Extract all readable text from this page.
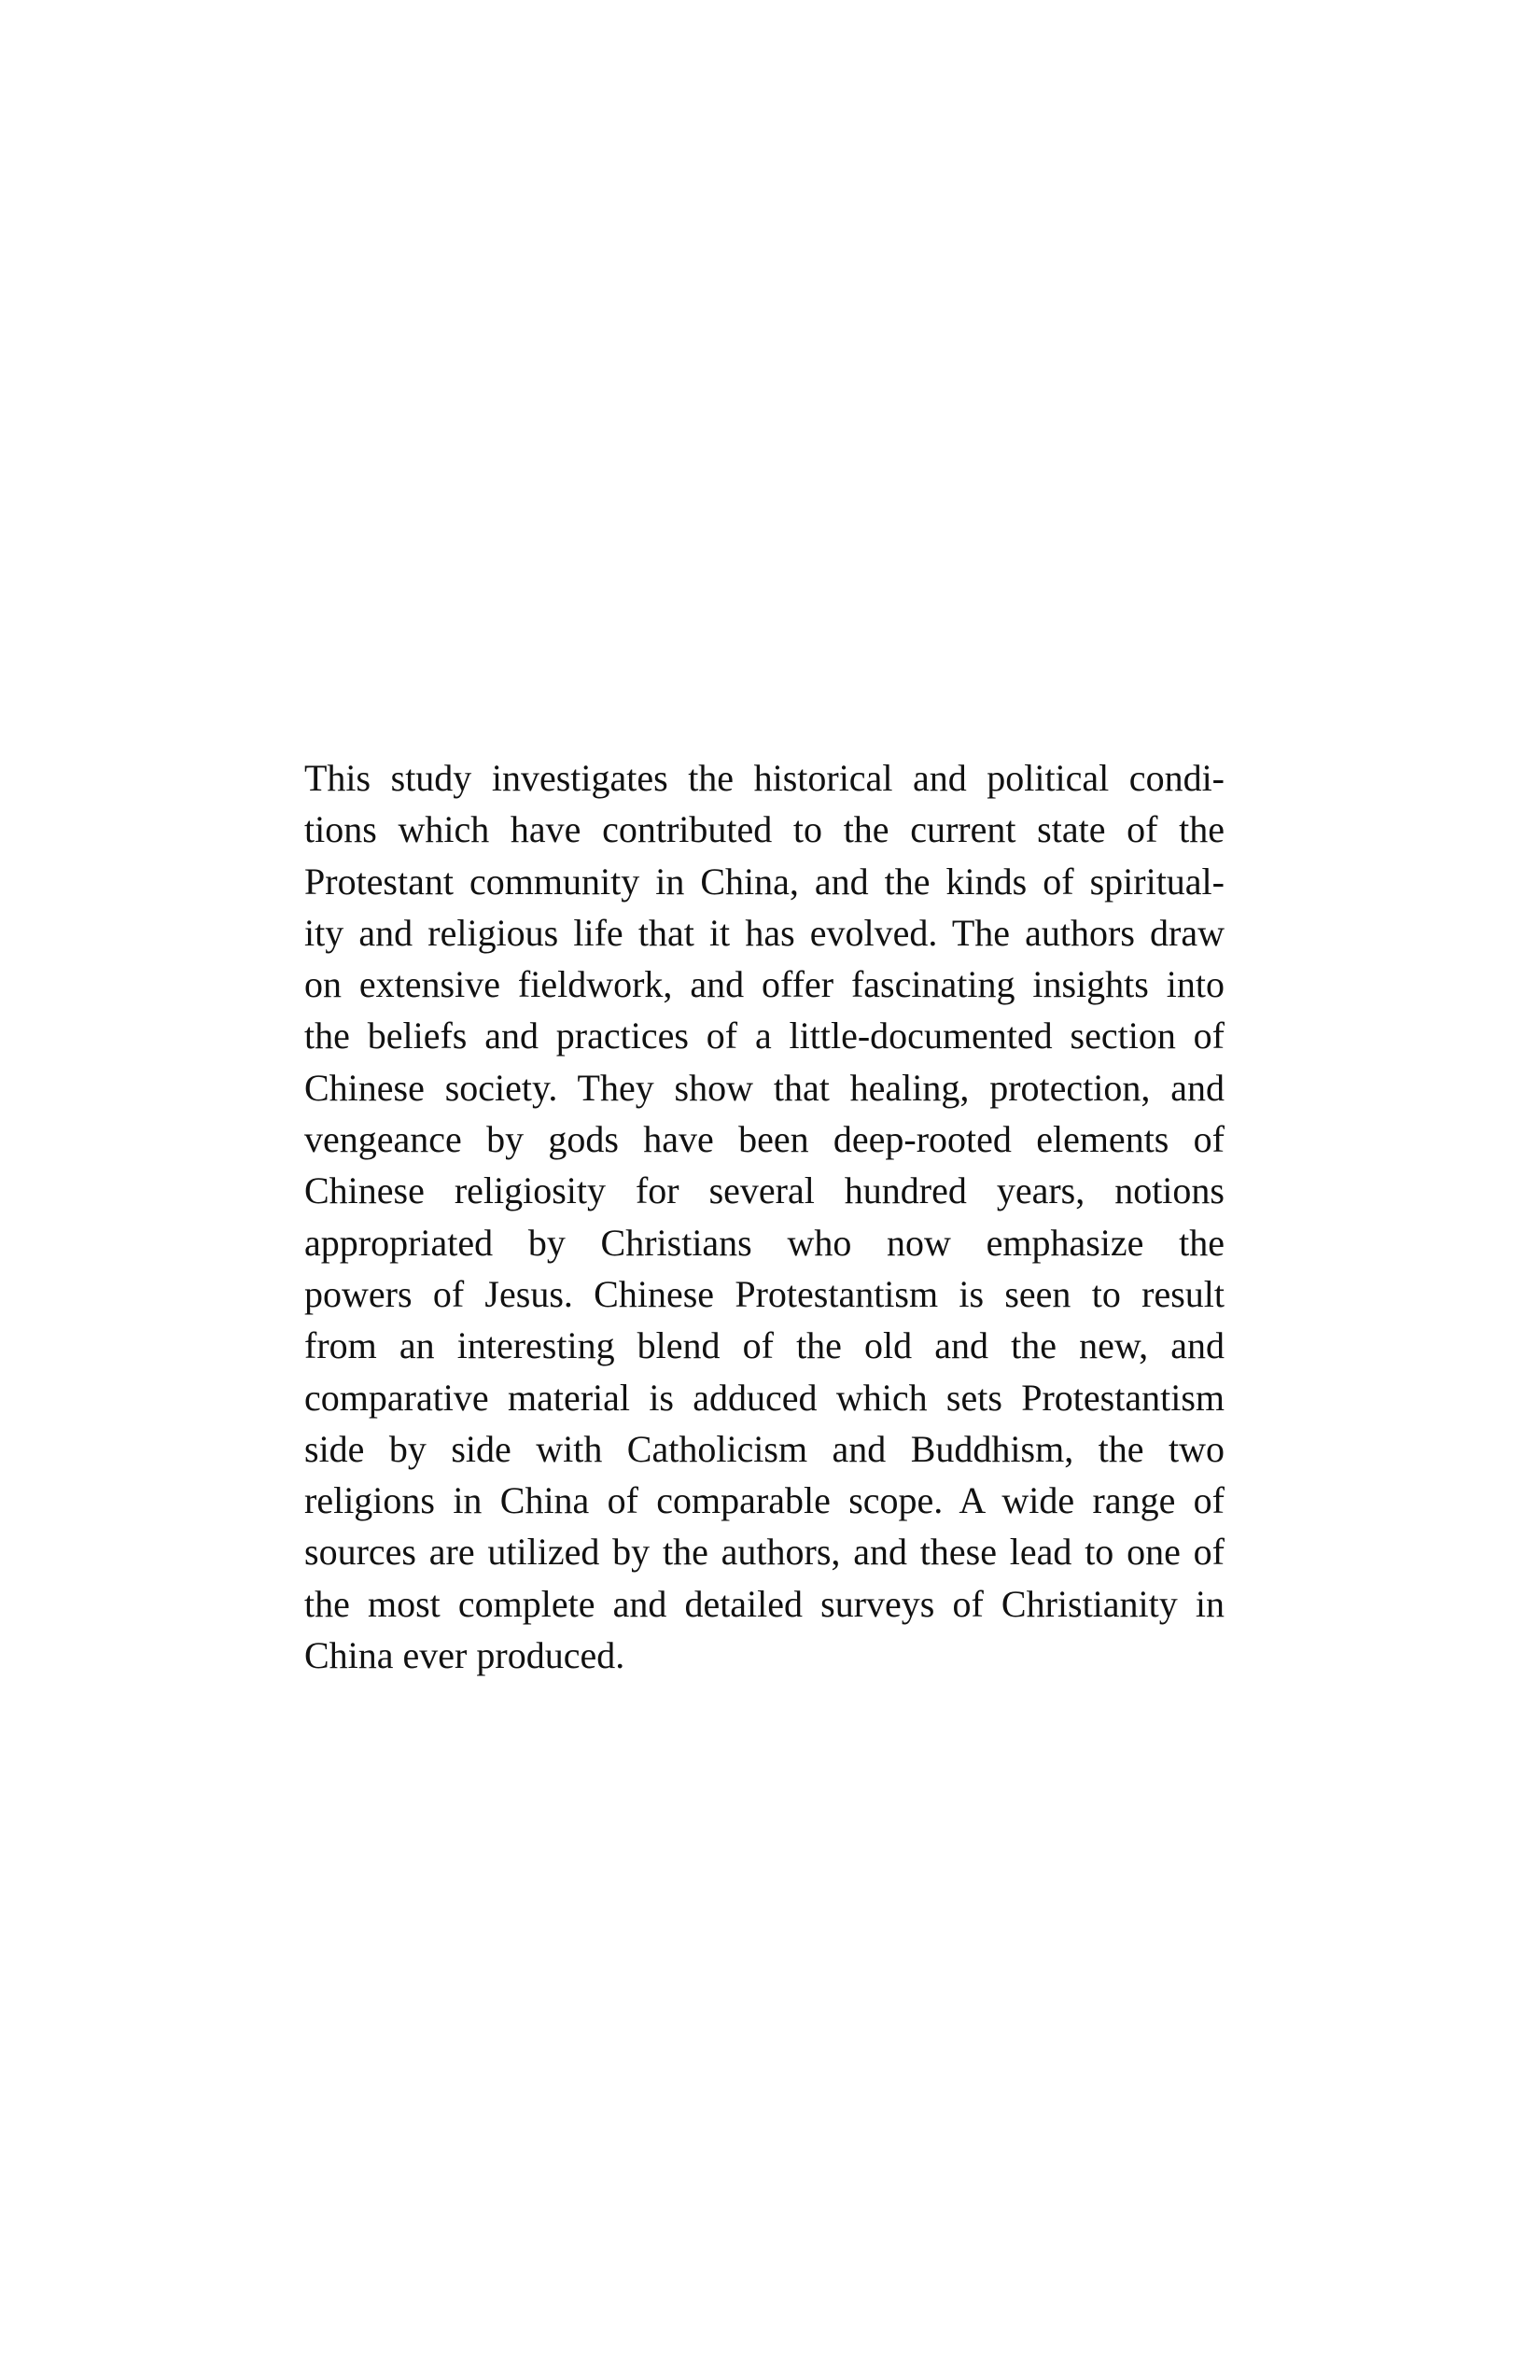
This study investigates the historical and political condi-
tions which have contributed to the current state of the
Protestant community in China, and the kinds of spiritual-
ity and religious life that it has evolved. The authors draw
on extensive fieldwork, and offer fascinating insights into
the beliefs and practices of a little-documented section of
Chinese society. They show that healing, protection, and
vengeance by gods have been deep-rooted elements of
Chinese religiosity for several hundred years, notions
appropriated by Christians who now emphasize the
powers of Jesus. Chinese Protestantism is seen to result
from an interesting blend of the old and the new, and
comparative material is adduced which sets Protestantism
side by side with Catholicism and Buddhism, the two
religions in China of comparable scope. A wide range of
sources are utilized by the authors, and these lead to one of
the most complete and detailed surveys of Christianity in
China ever produced.
